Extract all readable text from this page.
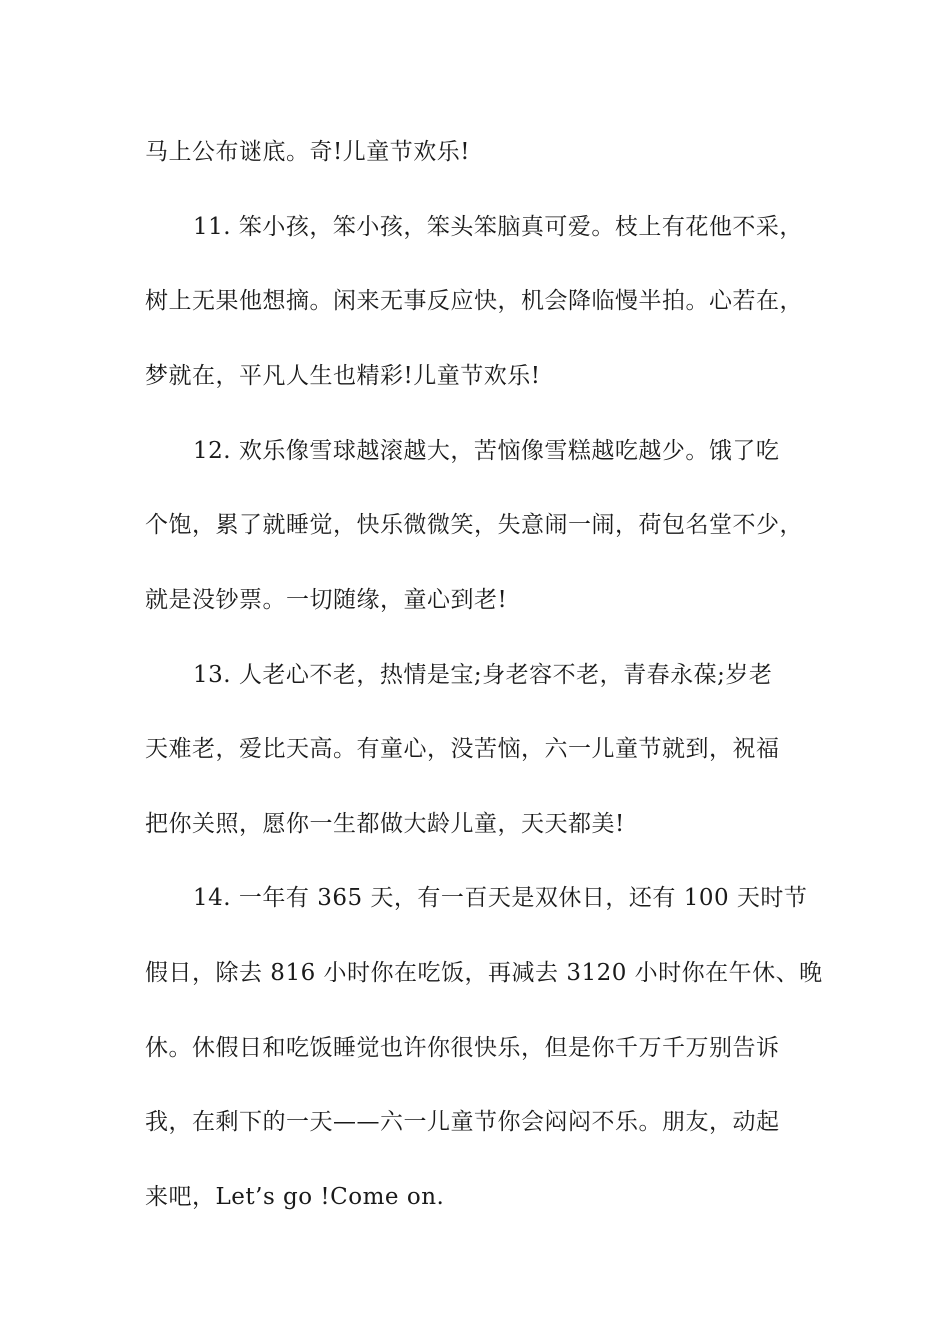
马上公布谜底。奇!儿童节欢乐!
11. 笨小孩，笨小孩，笨头笨脑真可爱。枝上有花他不采，
树上无果他想摘。闲来无事反应快，机会降临慢半拍。心若在，
梦就在，平凡人生也精彩!儿童节欢乐!
12. 欢乐像雪球越滚越大，苦恼像雪糕越吃越少。饿了吃
个饱，累了就睡觉，快乐微微笑，失意闹一闹，荷包名堂不少，
就是没钞票。一切随缘，童心到老!
13. 人老心不老，热情是宝;身老容不老，青春永葆;岁老
天难老，爱比天高。有童心，没苦恼，六一儿童节就到，祝福
把你关照，愿你一生都做大龄儿童，天天都美!
14. 一年有 365 天，有一百天是双休日，还有 100 天时节
假日，除去 816 小时你在吃饭，再减去 3120 小时你在午休、晚
休。休假日和吃饭睡觉也许你很快乐，但是你千万千万别告诉
我，在剩下的一天——六一儿童节你会闷闷不乐。朋友，动起
来吧，Let’s go !Come on.
